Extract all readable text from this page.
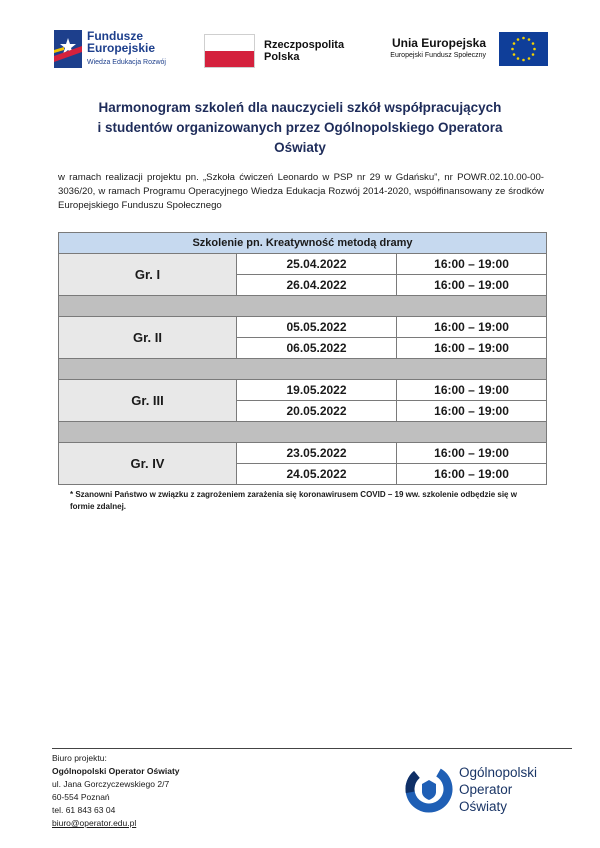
Fundusze
Europejskie
Wiedza Edukacja Rozwój
Rzeczpospolita
Polska
Unia Europejska
Europejski Fundusz Społeczny
Harmonogram szkoleń dla nauczycieli szkół współpracujących
i studentów organizowanych przez Ogólnopolskiego Operatora
Oświaty
w ramach realizacji projektu pn. „Szkoła ćwiczeń Leonardo w PSP nr 29 w Gdańsku”, nr POWR.02.10.00-00-3036/20, w ramach Programu Operacyjnego Wiedza Edukacja Rozwój 2014-2020, współfinansowany ze środków Europejskiego Funduszu Społecznego
Szkolenie pn. Kreatywność metodą dramy		
Gr. I	25.04.2022	16:00 – 19:00
	26.04.2022	16:00 – 19:00

Gr. II	05.05.2022	16:00 – 19:00
	06.05.2022	16:00 – 19:00

Gr. III	19.05.2022	16:00 – 19:00
	20.05.2022	16:00 – 19:00

Gr. IV	23.05.2022	16:00 – 19:00
	24.05.2022	16:00 – 19:00
* Szanowni Państwo w związku z zagrożeniem zarażenia się koronawirusem COVID – 19 ww. szkolenie odbędzie się w formie zdalnej.
Biuro projektu:
Ogólnopolski Operator Oświaty
ul. Jana Gorczyczewskiego 2/7
60-554 Poznań
tel. 61 843 63 04
biuro@operator.edu.pl
Ogólnopolski
Operator
Oświaty
